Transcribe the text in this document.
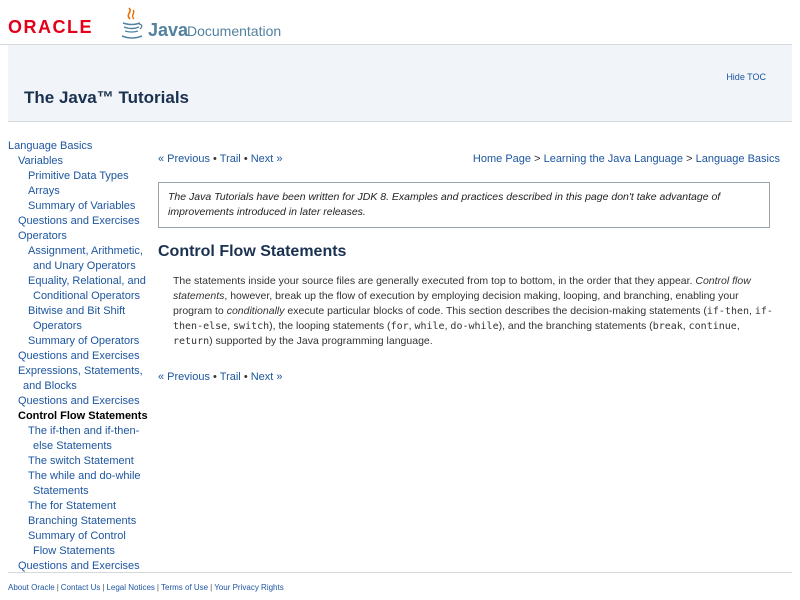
ORACLE	Java
Documentation
Hide TOC
The Java™ Tutorials
Language Basics
Variables
Primitive Data Types
Arrays
Summary of Variables
Questions and Exercises
Operators
Assignment, Arithmetic,
and Unary Operators
Equality, Relational, and
Conditional Operators
Bitwise and Bit Shift
Operators
Summary of Operators
Questions and Exercises
Expressions, Statements,
and Blocks
Questions and Exercises
Control Flow Statements
The if-then and if-then-
else Statements
The switch Statement
The while and do-while
Statements
The for Statement
Branching Statements
Summary of Control
Flow Statements
Questions and Exercises
« Previous • Trail • Next »	Home Page > Learning the Java Language > Language Basics
The Java Tutorials have been written for JDK 8. Examples and practices described in this page don't take advantage of improvements introduced in later releases.
Control Flow Statements

The statements inside your source files are generally executed from top to bottom, in the order that they appear. Control flow statements, however, break up the flow of execution by employing decision making, looping, and branching, enabling your program to conditionally execute particular blocks of code. This section describes the decision-making statements (if-then, if-then-else, switch), the looping statements (for, while, do-while), and the branching statements (break, continue, return) supported by the Java programming language.

« Previous • Trail • Next »
About Oracle | Contact Us | Legal Notices | Terms of Use | Your Privacy Rights
